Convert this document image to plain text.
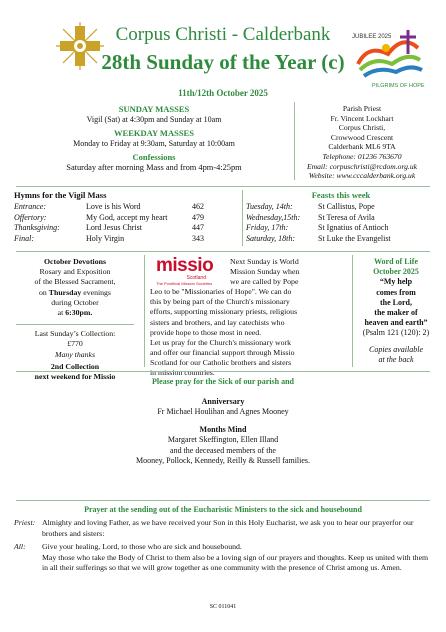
JUBILEE 2025
PILGRIMS OF HOPE
Corpus Christi - Calderbank
28th Sunday of the Year (c)
11th/12th October 2025
SUNDAY MASSES
Vigil (Sat) at 4:30pm and Sunday at 10am
WEEKDAY MASSES
Monday to Friday at 9:30am, Saturday at 10:00am
Confessions
Saturday after morning Mass and from 4pm-4:25pm
Parish Priest
Fr. Vincent Lockhart
Corpus Christi,
Crowwood Crescent
Calderbank ML6 9TA
Telephone: 01236 763670
Email: corpuschristi@rcdom.org.uk
Website: www.cccalderbank.org.uk
Hymns for the Vigil Mass
Entrance:	Love is his Word	462
Offertory:	My God, accept my heart	479
Thanksgiving:	Lord Jesus Christ	447
Final:	Holy Virgin	343
Feasts this week
Tuesday, 14th:	St Callistus, Pope
Wednesday,15th: St Teresa of Avila
Friday, 17th:	St Ignatius of Antioch
Saturday, 18th:	St Luke the Evangelist
October Devotions
Rosary and Exposition
of the Blessed Sacrament,
on Thursday evenings
during October
at 6:30pm.
Last Sunday’s Collection:
£770
Many thanks
2nd Collection
next weekend for Missio
missio
Scotland
The Pontifical Mission Societies
Next Sunday is World
Mission Sunday when
we are called by Pope
Leo to be "Missionaries of Hope". We can do
this by being part of the Church's missionary
efforts, supporting missionary priests, religious
sisters and brothers, and lay catechists who
provide hope to those most in need.
Let us pray for the Church's missionary work
and offer our financial support through Missio
Scotland for our Catholic brothers and sisters
in mission countries.
Word of Life
October 2025
“My help
comes from
the Lord,
the maker of
heaven and earth”
(Psalm 121 (120): 2)
Copies available
at the back
Please pray for the Sick of our parish and
Anniversary
Fr Michael Houlihan and Agnes Mooney
Months Mind
Margaret Skeffington, Ellen Illand
and the deceased members of the
Mooney, Pollock, Kennedy, Reilly & Russell families.
Prayer at the sending out of the Eucharistic Ministers to the sick and housebound
Priest: Almighty and loving Father, as we have received your Son in this Holy Eucharist, we ask you to hear our prayerfor our brothers and sisters:
All: Give your healing, Lord, to those who are sick and housebound.
May those who take the Body of Christ to them also be a loving sign of our prayers and thoughts. Keep us united with them in all their sufferings so that we will grow together as one community with the presence of Christ among us. Amen.
SC 011041
